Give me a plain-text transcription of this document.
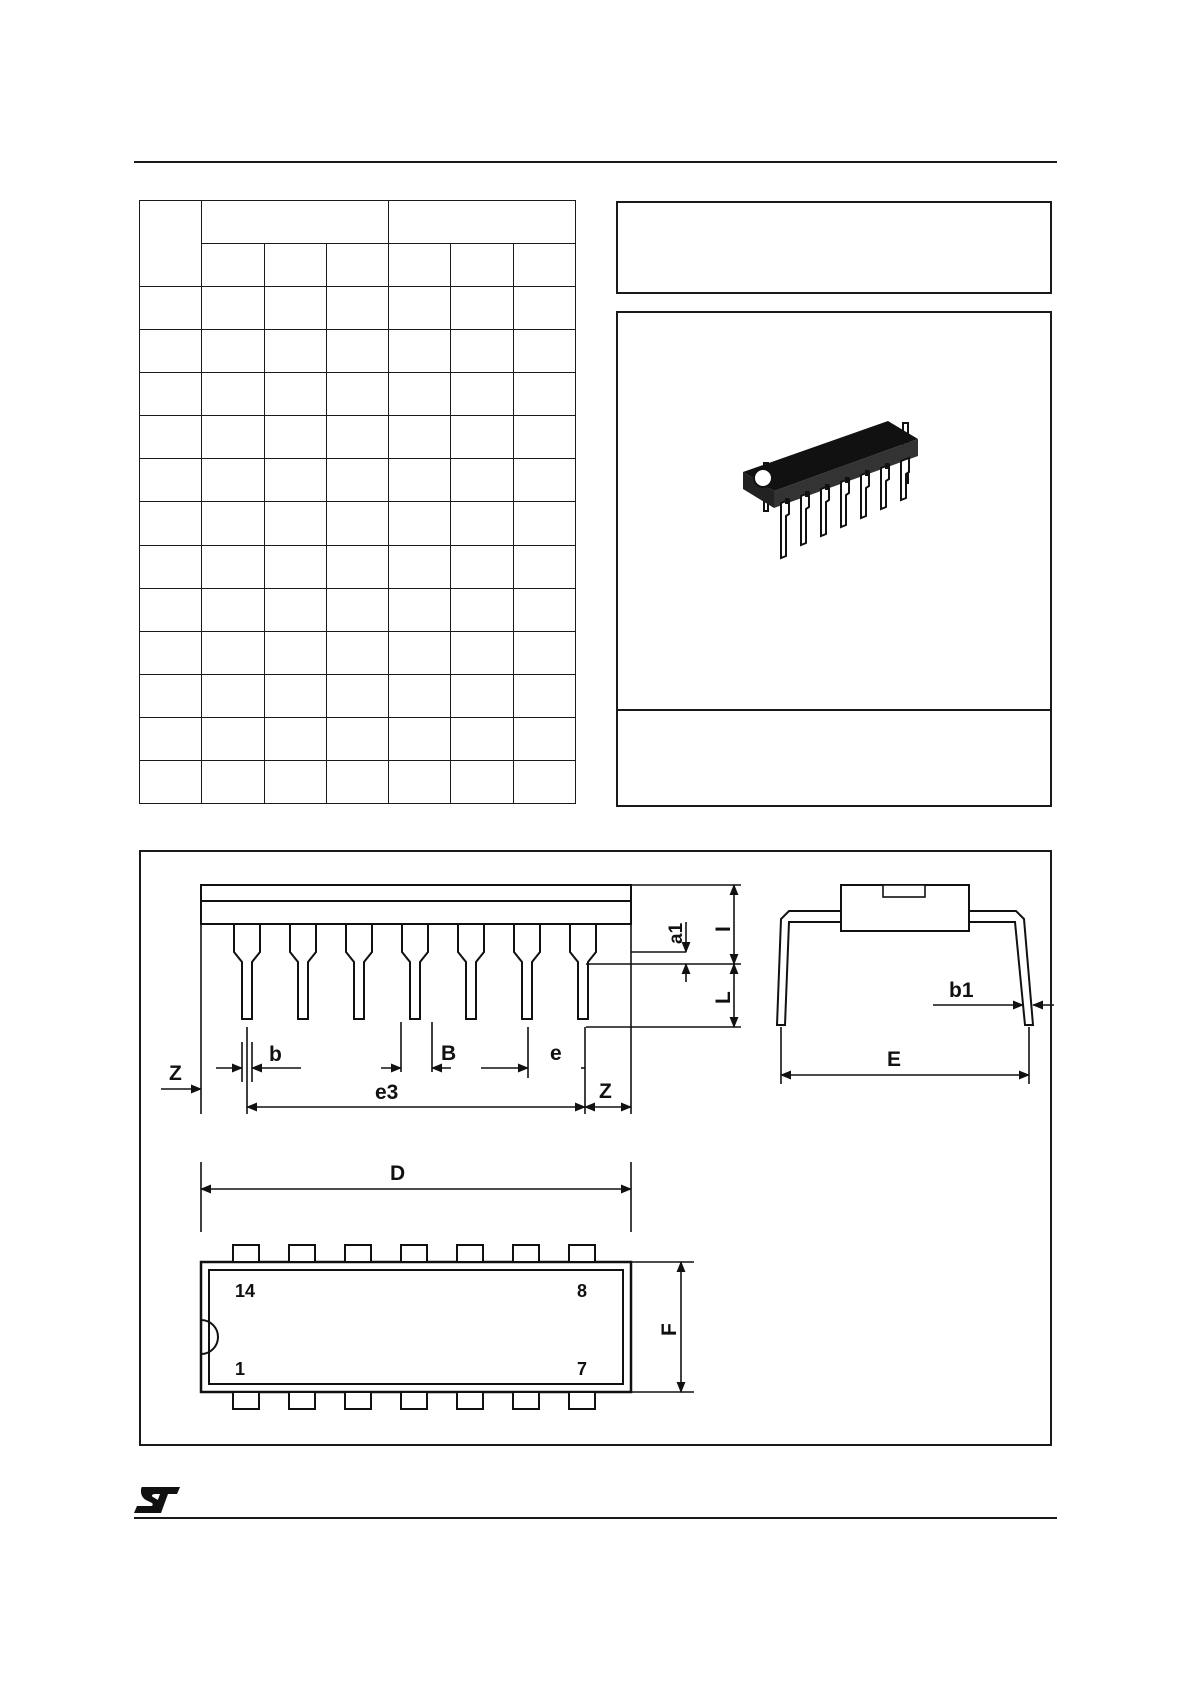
Z
b	B	e
e3	Z
a1 I
L	b1
E
D
F
14	8
1	7
